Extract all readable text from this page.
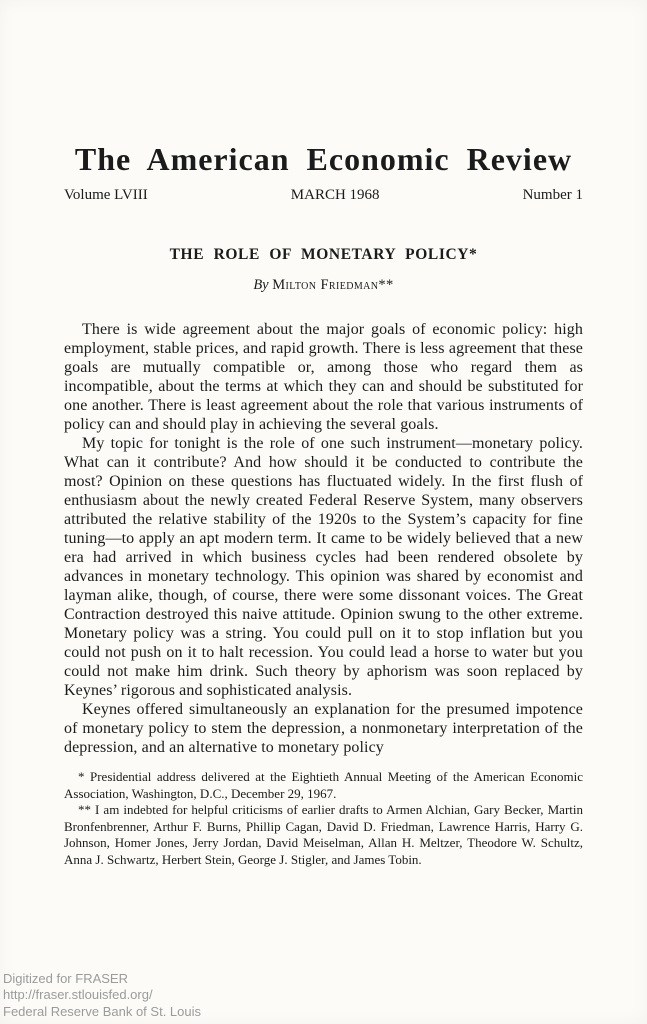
The American Economic Review
Volume LVIII	MARCH 1968	Number 1
THE ROLE OF MONETARY POLICY*
By Milton Friedman**

There is wide agreement about the major goals of economic policy: high employment, stable prices, and rapid growth. There is less agreement that these goals are mutually compatible or, among those who regard them as incompatible, about the terms at which they can and should be substituted for one another. There is least agreement about the role that various instruments of policy can and should play in achieving the several goals.

My topic for tonight is the role of one such instrument—monetary policy. What can it contribute? And how should it be conducted to contribute the most? Opinion on these questions has fluctuated widely. In the first flush of enthusiasm about the newly created Federal Reserve System, many observers attributed the relative stability of the 1920s to the System’s capacity for fine tuning—to apply an apt modern term. It came to be widely believed that a new era had arrived in which business cycles had been rendered obsolete by advances in monetary technology. This opinion was shared by economist and layman alike, though, of course, there were some dissonant voices. The Great Contraction destroyed this naive attitude. Opinion swung to the other extreme. Monetary policy was a string. You could pull on it to stop inflation but you could not push on it to halt recession. You could lead a horse to water but you could not make him drink. Such theory by aphorism was soon replaced by Keynes’ rigorous and sophisticated analysis.

Keynes offered simultaneously an explanation for the presumed impotence of monetary policy to stem the depression, a nonmonetary interpretation of the depression, and an alternative to monetary policy

* Presidential address delivered at the Eightieth Annual Meeting of the American Economic Association, Washington, D.C., December 29, 1967.

** I am indebted for helpful criticisms of earlier drafts to Armen Alchian, Gary Becker, Martin Bronfenbrenner, Arthur F. Burns, Phillip Cagan, David D. Friedman, Lawrence Harris, Harry G. Johnson, Homer Jones, Jerry Jordan, David Meiselman, Allan H. Meltzer, Theodore W. Schultz, Anna J. Schwartz, Herbert Stein, George J. Stigler, and James Tobin.

Digitized for FRASER
http://fraser.stlouisfed.org/
Federal Reserve Bank of St. Louis
